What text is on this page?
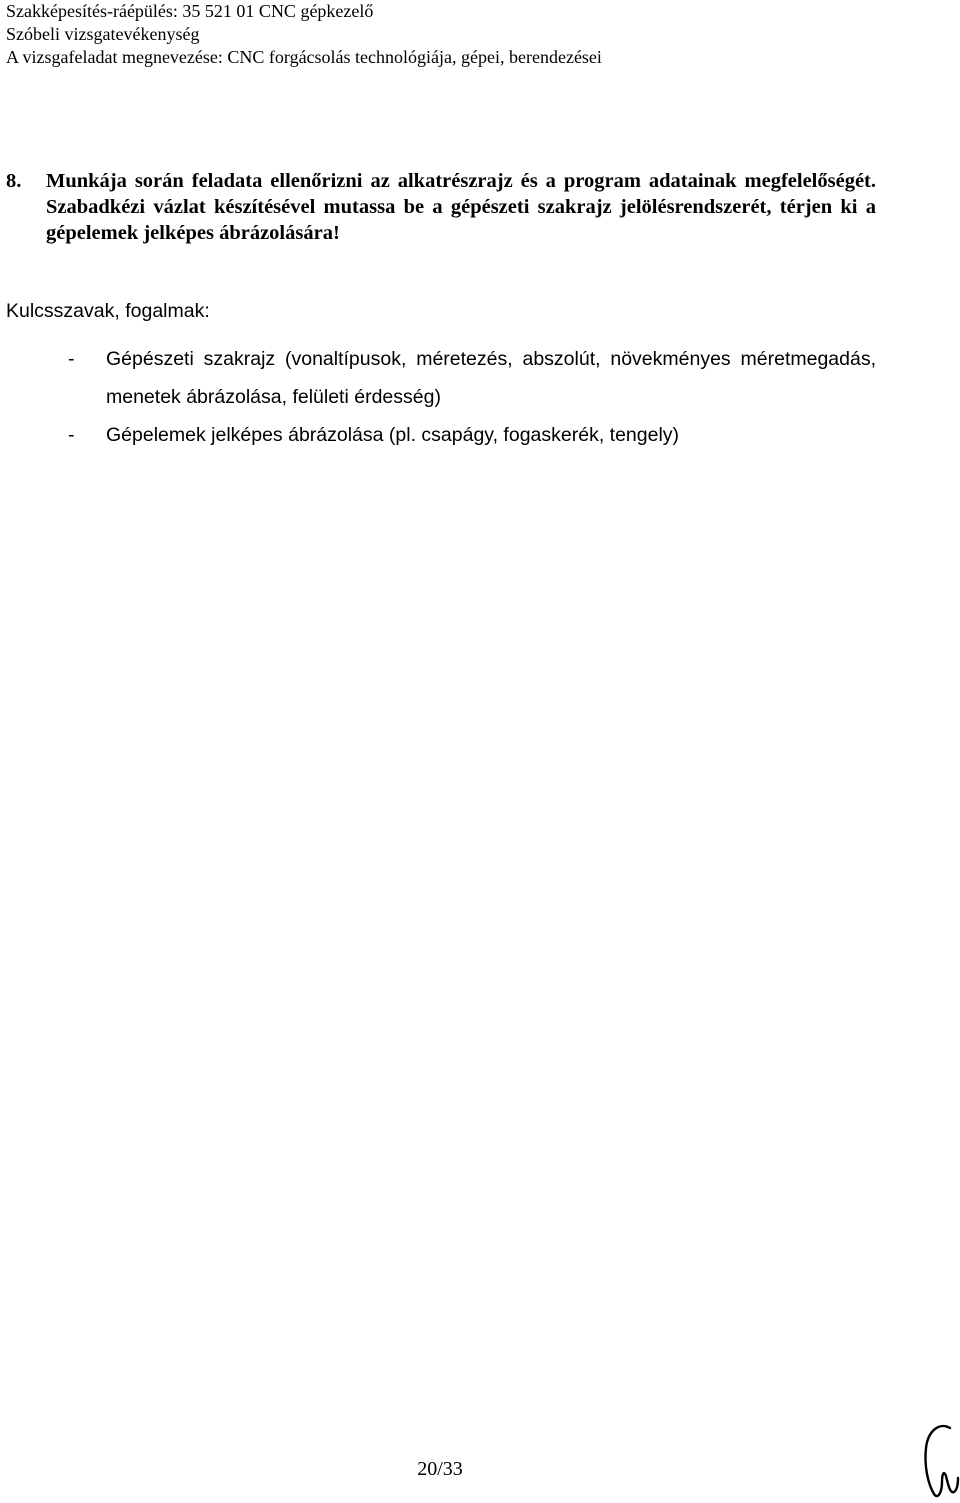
Szakképesítés-ráépülés: 35 521 01 CNC gépkezelő
Szóbeli vizsgatevékenység
A vizsgafeladat megnevezése: CNC forgácsolás technológiája, gépei, berendezései
8.	Munkája során feladata ellenőrizni az alkatrészrajz és a program adatainak megfelelőségét. Szabadkézi vázlat készítésével mutassa be a gépészeti szakrajz jelölésrendszerét, térjen ki a gépelemek jelképes ábrázolására!
Kulcsszavak, fogalmak:
-	Gépészeti szakrajz (vonaltípusok, méretezés, abszolút, növekményes méretmegadás, menetek ábrázolása, felületi érdesség)
-	Gépelemek jelképes ábrázolása (pl. csapágy, fogaskerék, tengely)
20/33
